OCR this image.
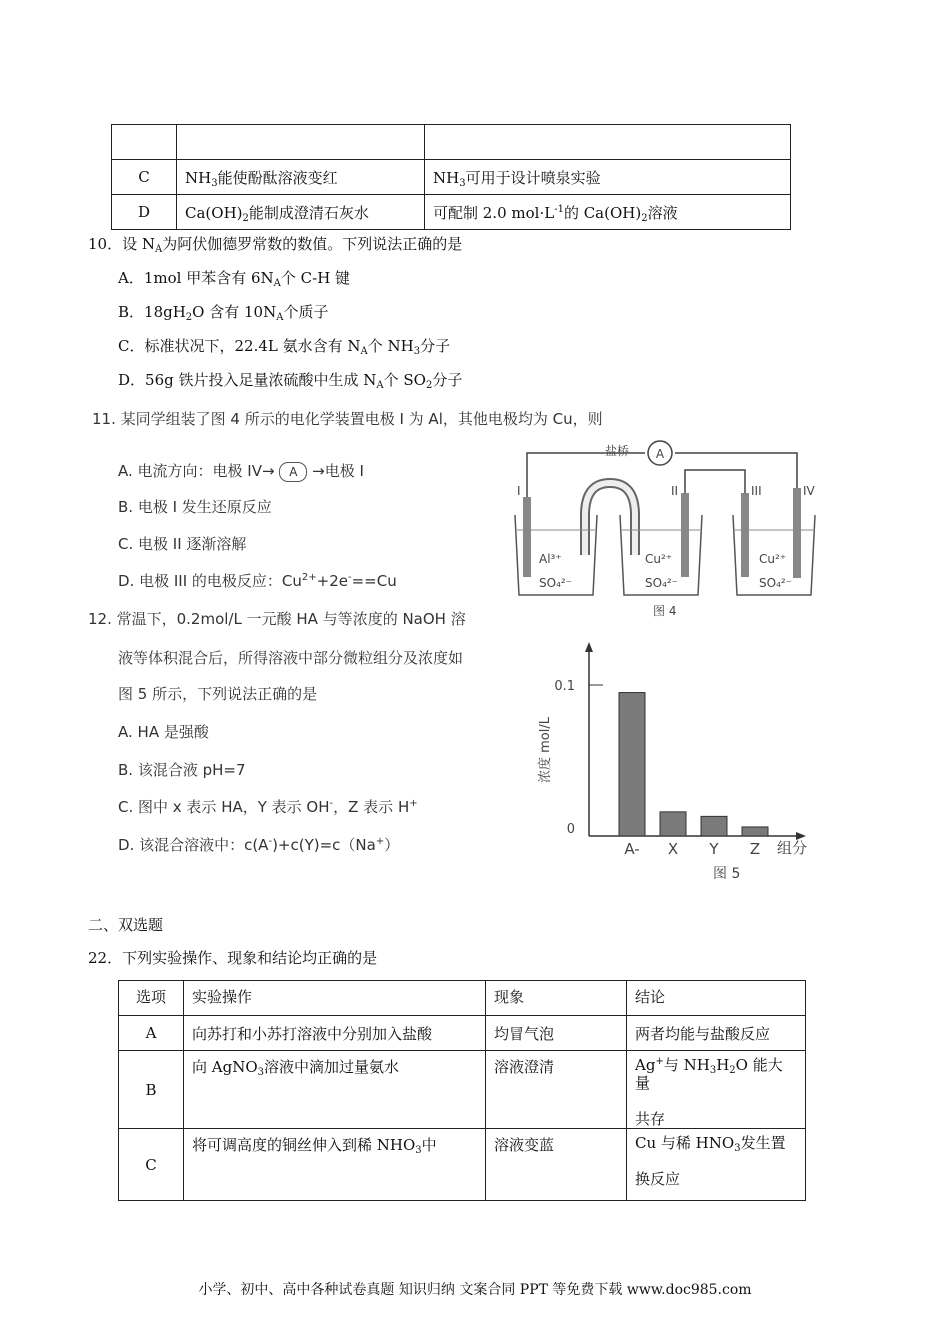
C	$NH_3$能使酚酞溶液变红	$NH_3$可用于设计喷泉实验
D	$Ca(OH)_2$能制成澄清石灰水	可配制 2.0 $mol\cdot L^{-1}$的 $Ca(OH)_2$溶液
10．设 $N_A$为阿伏伽德罗常数的数值。下列说法正确的是
A．1mol 甲苯含有 $6N_A$个 C-H 键
B．$18gH_2O$ 含有 $10N_A$个质子
C．标准状况下，22.4L 氨水含有 $N_A$个 $NH_3$分子
D．56g 铁片投入足量浓硫酸中生成 $N_A$个 $SO_2$分子
11. 某同学组装了图 4 所示的电化学装置电极 I 为 Al，其他电极均为 Cu，则
A. 电流方向：电极 IV→ A →电极 I
B. 电极 I 发生还原反应
C. 电极 II 逐渐溶解
D. 电极 III 的电极反应：$Cu^{2+}+2e^-==Cu$
A
盐桥
I	II	III	IV
Al³⁺
SO₄²⁻
Cu²⁺
SO₄²⁻
Cu²⁺
SO₄²⁻
图 4
12. 常温下，0.2mol/L 一元酸 HA 与等浓度的 NaOH 溶
液等体积混合后，所得溶液中部分微粒组分及浓度如
图 5 所示，下列说法正确的是
A. HA 是强酸
B. 该混合液 pH=7
C. 图中 x 表示 HA，Y 表示 OH-，Z 表示 H+
D. 该混合溶液中：c(A-)+c(Y)=c（Na+）
浓度 mol/L
0
0.1
组分
图 5
A- X Y Z
二、双选题
22．下列实验操作、现象和结论均正确的是
选项	实验操作	现象	结论
A	向苏打和小苏打溶液中分别加入盐酸	均冒气泡	两者均能与盐酸反应
B	向 AgNO$_3$溶液中滴加过量氨水	溶液澄清	Ag+与 $NH_3H_2O$ 能大量
共存

C	将可调高度的铜丝伸入到稀 $NHO_3$中	溶液变蓝	Cu 与稀 $HNO_3$发生置
换反应
小学、初中、高中各种试卷真题 知识归纳 文案合同 PPT 等免费下载 www.doc985.com
